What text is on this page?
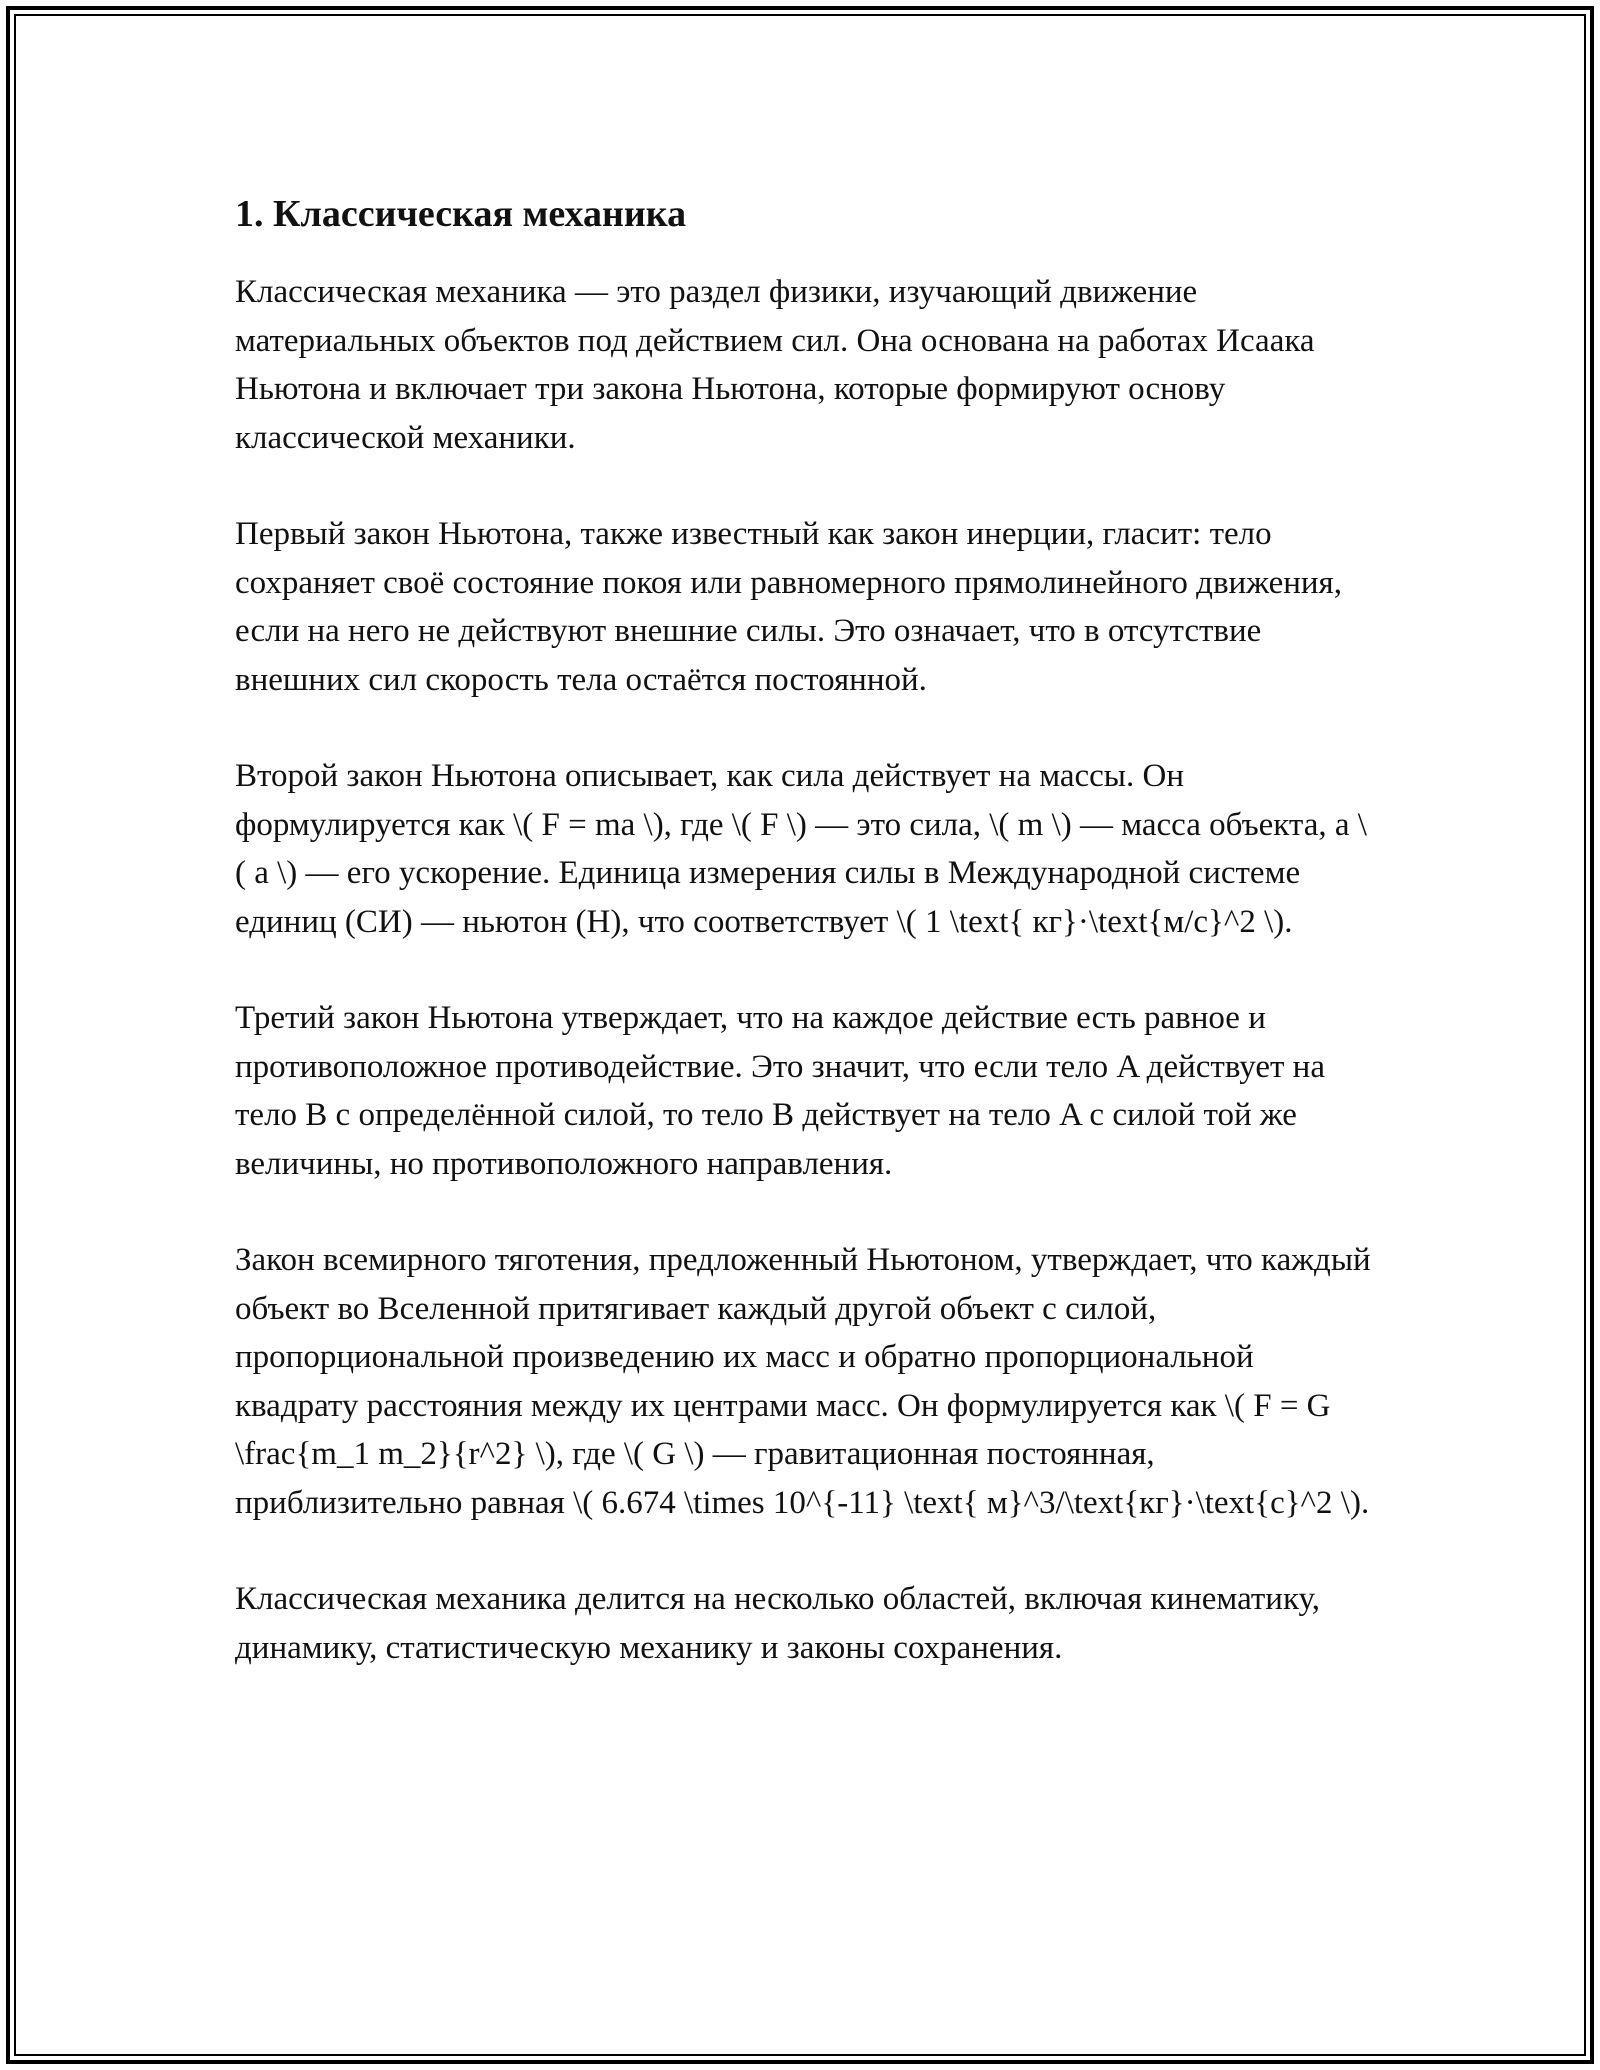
1. Классическая механика

Классическая механика — это раздел физики, изучающий движение материальных объектов под действием сил. Она основана на работах Исаака Ньютона и включает три закона Ньютона, которые формируют основу классической механики.

Первый закон Ньютона, также известный как закон инерции, гласит: тело сохраняет своё состояние покоя или равномерного прямолинейного движения, если на него не действуют внешние силы. Это означает, что в отсутствие внешних сил скорость тела остаётся постоянной.

Второй закон Ньютона описывает, как сила действует на массы. Он формулируется как \( F = ma \), где \( F \) — это сила, \( m \) — масса объекта, а \( a \) — его ускорение. Единица измерения силы в Международной системе единиц (СИ) — ньютон (Н), что соответствует \( 1 \text{ кг}·\text{м/с}^2 \).

Третий закон Ньютона утверждает, что на каждое действие есть равное и противоположное противодействие. Это значит, что если тело A действует на тело B с определённой силой, то тело B действует на тело A с силой той же величины, но противоположного направления.

Закон всемирного тяготения, предложенный Ньютоном, утверждает, что каждый объект во Вселенной притягивает каждый другой объект с силой, пропорциональной произведению их масс и обратно пропорциональной квадрату расстояния между их центрами масс. Он формулируется как \( F = G \frac{m_1 m_2}{r^2} \), где \( G \) — гравитационная постоянная, приблизительно равная \( 6.674 \times 10^{-11} \text{ м}^3/\text{кг}·\text{с}^2 \).

Классическая механика делится на несколько областей, включая кинематику, динамику, статистическую механику и законы сохранения.
